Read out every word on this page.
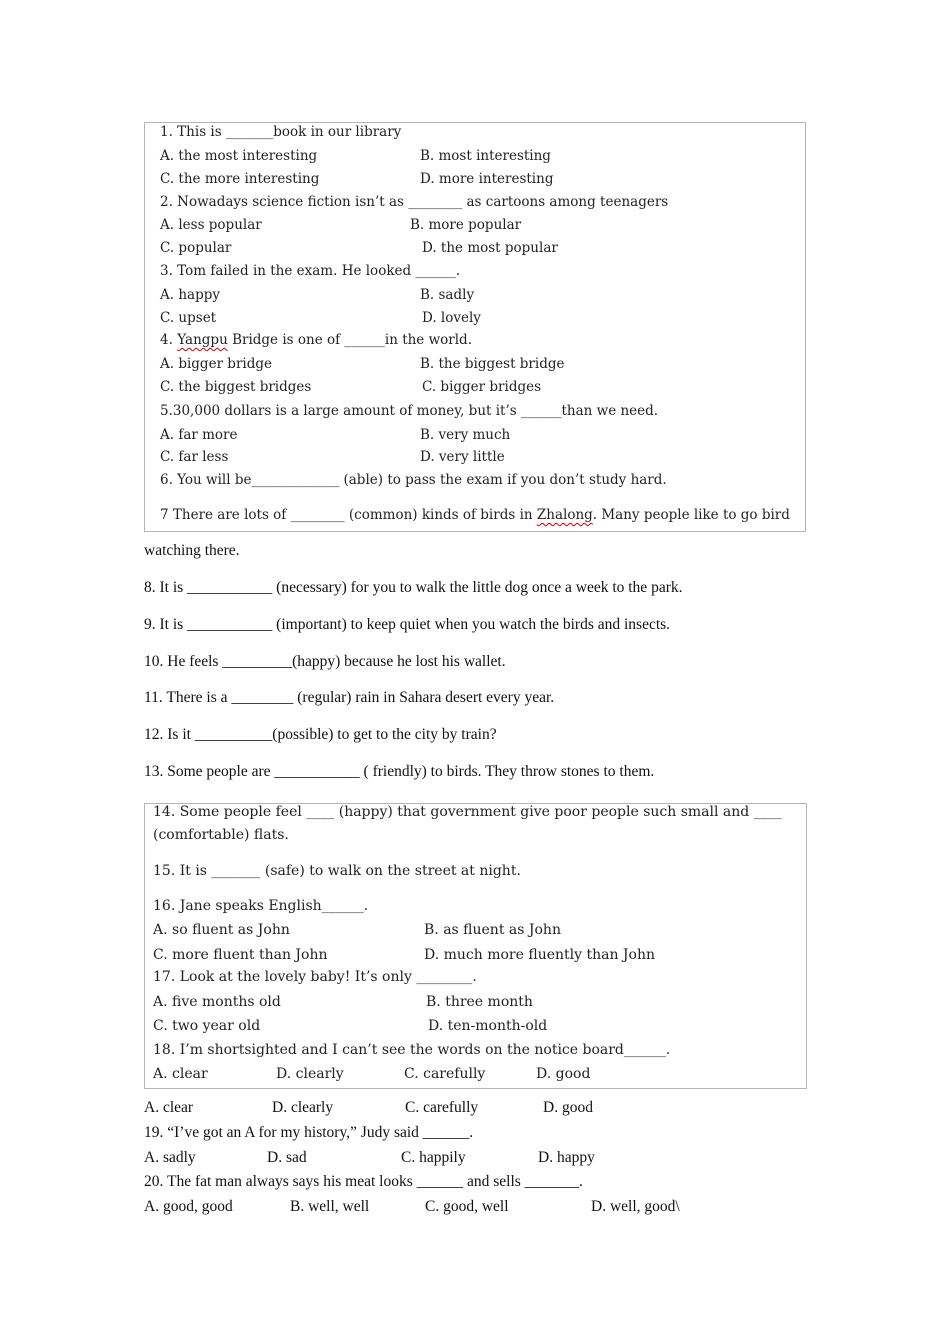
1. This is _______book in our library
A. the most interesting	B. most interesting
C. the more interesting	D. more interesting
2. Nowadays science fiction isn’t as ________ as cartoons among teenagers
A. less popular	B. more popular
C. popular	D. the most popular
3. Tom failed in the exam. He looked ______.
A. happy	B. sadly
C. upset	D. lovely
4. Yangpu Bridge is one of ______in the world.
A. bigger bridge	B. the biggest bridge
C. the biggest bridges	C. bigger bridges
5.30,000 dollars is a large amount of money, but it’s ______than we need.
A. far more	B. very much
C. far less	D. very little
6. You will be_____________ (able) to pass the exam if you don’t study hard.
7 There are lots of ________ (common) kinds of birds in Zhalong. Many people like to go bird
watching there.
8. It is ___________ (necessary) for you to walk the little dog once a week to the park.
9. It is ___________ (important) to keep quiet when you watch the birds and insects.
10. He feels _________(happy) because he lost his wallet.
11. There is a ________ (regular) rain in Sahara desert every year.
12. Is it __________(possible) to get to the city by train?
13. Some people are ___________ ( friendly) to birds. They throw stones to them.
14. Some people feel ____ (happy) that government give poor people such small and ____
(comfortable) flats.
15. It is _______ (safe) to walk on the street at night.
16. Jane speaks English______.
A. so fluent as John	B. as fluent as John
C. more fluent than John	D. much more fluently than John
17. Look at the lovely baby! It’s only ________.
A. five months old	B. three month
C. two year old	D. ten-month-old
18. I’m shortsighted and I can’t see the words on the notice board______.
A. clear	D. clearly	C. carefully	D. good
A. clear	D. clearly	C. carefully	D. good
19. “I’ve got an A for my history,” Judy said ______.
A. sadly	D. sad	C. happily	D. happy
20. The fat man always says his meat looks ______ and sells _______.
A. good, good	B. well, well	C. good, well	D. well, good\
